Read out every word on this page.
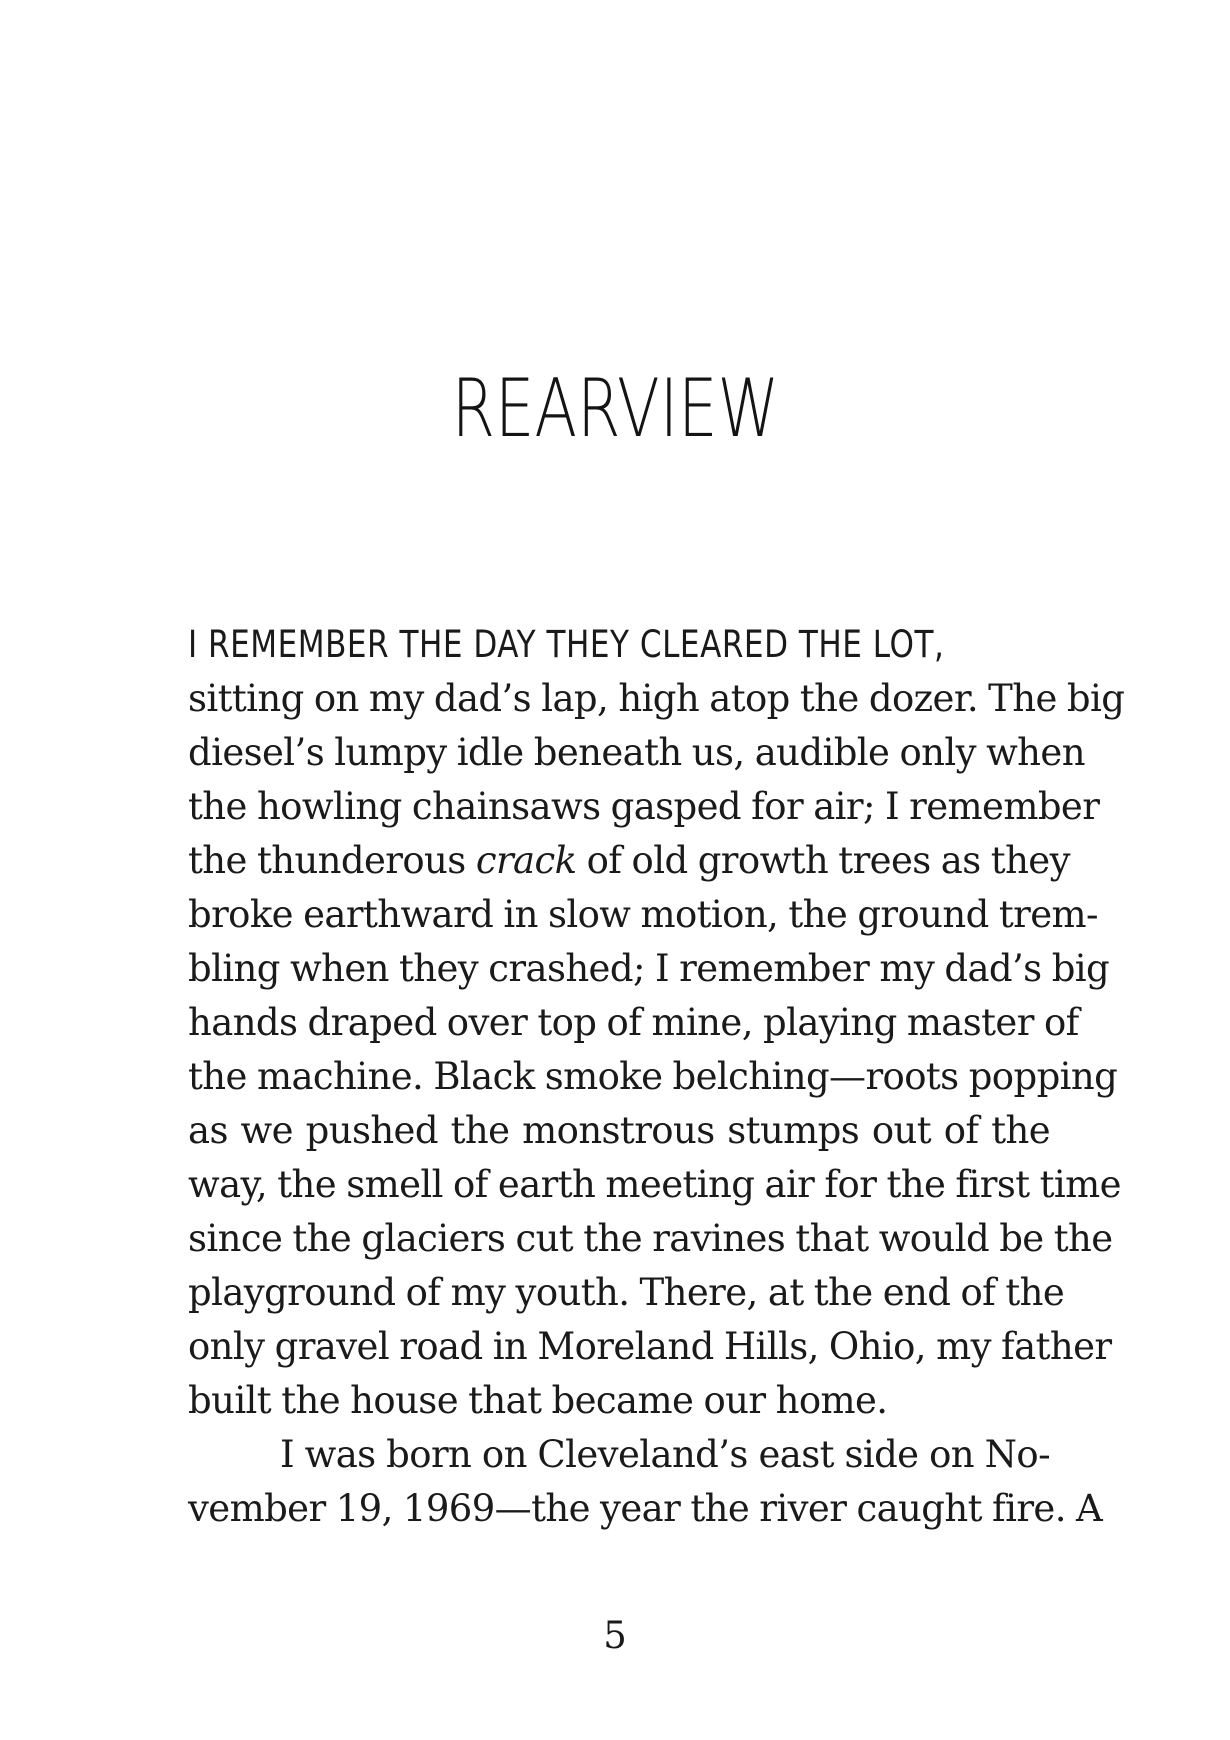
REARVIEW
I REMEMBER THE DAY THEY CLEARED THE LOT,
sitting on my dad’s lap, high atop the dozer. The big
diesel’s lumpy idle beneath us, audible only when
the howling chainsaws gasped for air; I remember
the thunderous crack of old growth trees as they
broke earthward in slow motion, the ground trem-
bling when they crashed; I remember my dad’s big
hands draped over top of mine, playing master of
the machine. Black smoke belching—roots popping
as we pushed the monstrous stumps out of the
way, the smell of earth meeting air for the first time
since the glaciers cut the ravines that would be the
playground of my youth. There, at the end of the
only gravel road in Moreland Hills, Ohio, my father
built the house that became our home.
I was born on Cleveland’s east side on No-
vember 19, 1969—the year the river caught fire. A
5
